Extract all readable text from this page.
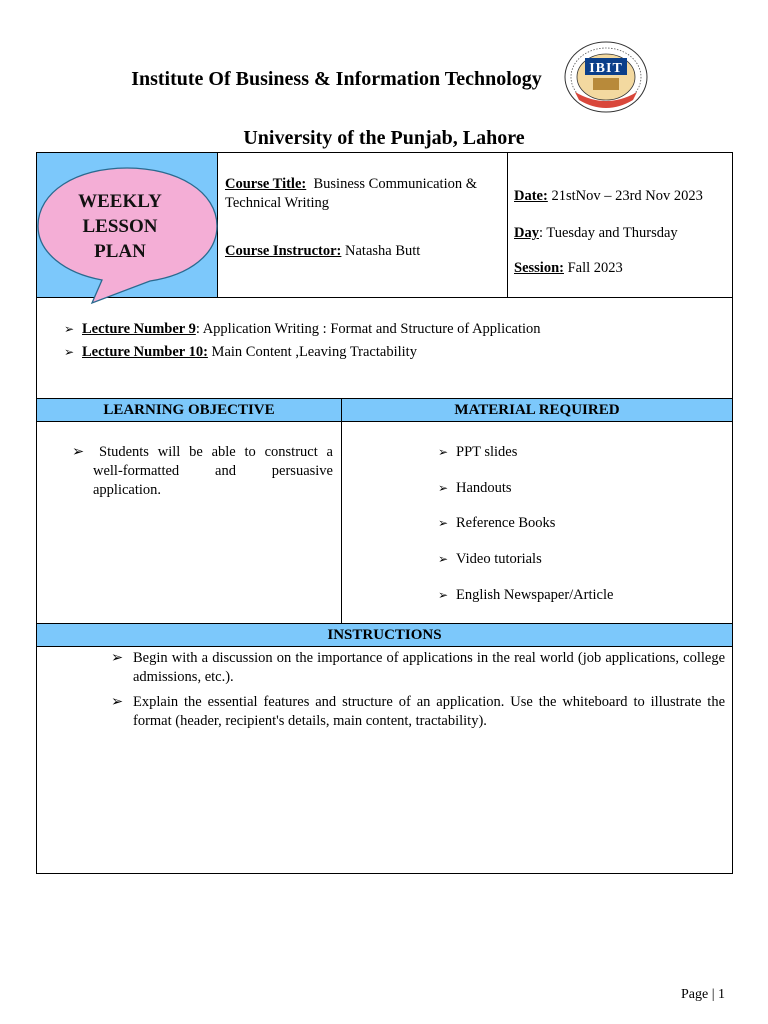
Institute Of Business & Information Technology	IBIT
University of the Punjab, Lahore
WEEKLY
LESSON
PLAN
Course Title: Business Communication & Technical Writing
Course Instructor: Natasha Butt
Date: 21stNov – 23rd Nov 2023
Day: Tuesday and Thursday
Session: Fall 2023
➢ Lecture Number 9: Application Writing : Format and Structure of Application
➢ Lecture Number 10: Main Content ,Leaving Tractability
LEARNING OBJECTIVE	MATERIAL REQUIRED
➢	Students will be able to construct a well-formatted and persuasive application.
➢ PPT slides
➢ Handouts
➢ Reference Books
➢ Video tutorials
➢ English Newspaper/Article
INSTRUCTIONS
➢ Begin with a discussion on the importance of applications in the real world (job applications, college admissions, etc.).
➢ Explain the essential features and structure of an application. Use the whiteboard to illustrate the format (header, recipient's details, main content, tractability).
Page | 1
